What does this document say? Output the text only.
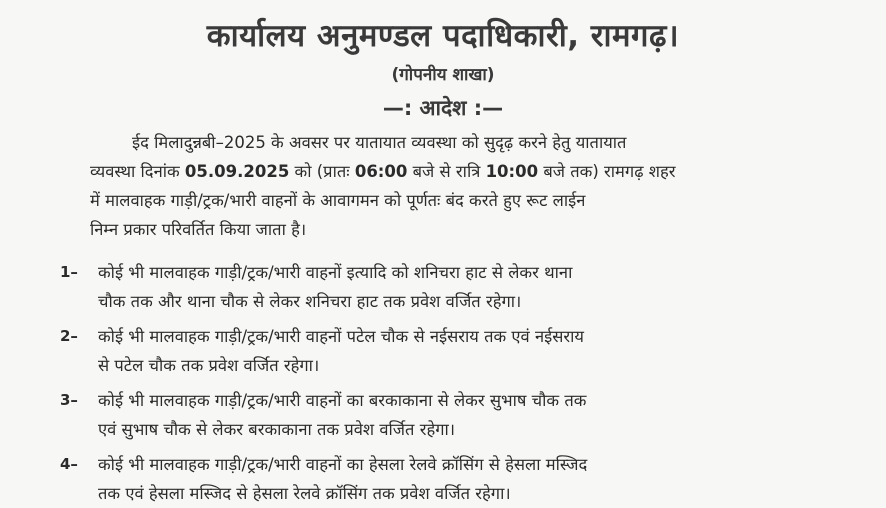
कार्यालय अनुमण्डल पदाधिकारी, रामगढ़।
(गोपनीय शाखा)
—: आदेश :—
ईद मिलादुन्नबी–2025 के अवसर पर यातायात व्यवस्था को सुदृढ़ करने हेतु यातायात
व्यवस्था दिनांक 05.09.2025 को (प्रातः 06:00 बजे से रात्रि 10:00 बजे तक) रामगढ़ शहर
में मालवाहक गाड़ी/ट्रक/भारी वाहनों के आवागमन को पूर्णतः बंद करते हुए रूट लाईन
निम्न प्रकार परिवर्तित किया जाता है।
1– कोई भी मालवाहक गाड़ी/ट्रक/भारी वाहनों इत्यादि को शनिचरा हाट से लेकर थाना
चौक तक और थाना चौक से लेकर शनिचरा हाट तक प्रवेश वर्जित रहेगा।
2– कोई भी मालवाहक गाड़ी/ट्रक/भारी वाहनों पटेल चौक से नईसराय तक एवं नईसराय
से पटेल चौक तक प्रवेश वर्जित रहेगा।
3– कोई भी मालवाहक गाड़ी/ट्रक/भारी वाहनों का बरकाकाना से लेकर सुभाष चौक तक
एवं सुभाष चौक से लेकर बरकाकाना तक प्रवेश वर्जित रहेगा।
4– कोई भी मालवाहक गाड़ी/ट्रक/भारी वाहनों का हेसला रेलवे क्रॉसिंग से हेसला मस्जिद
तक एवं हेसला मस्जिद से हेसला रेलवे क्रॉसिंग तक प्रवेश वर्जित रहेगा।
